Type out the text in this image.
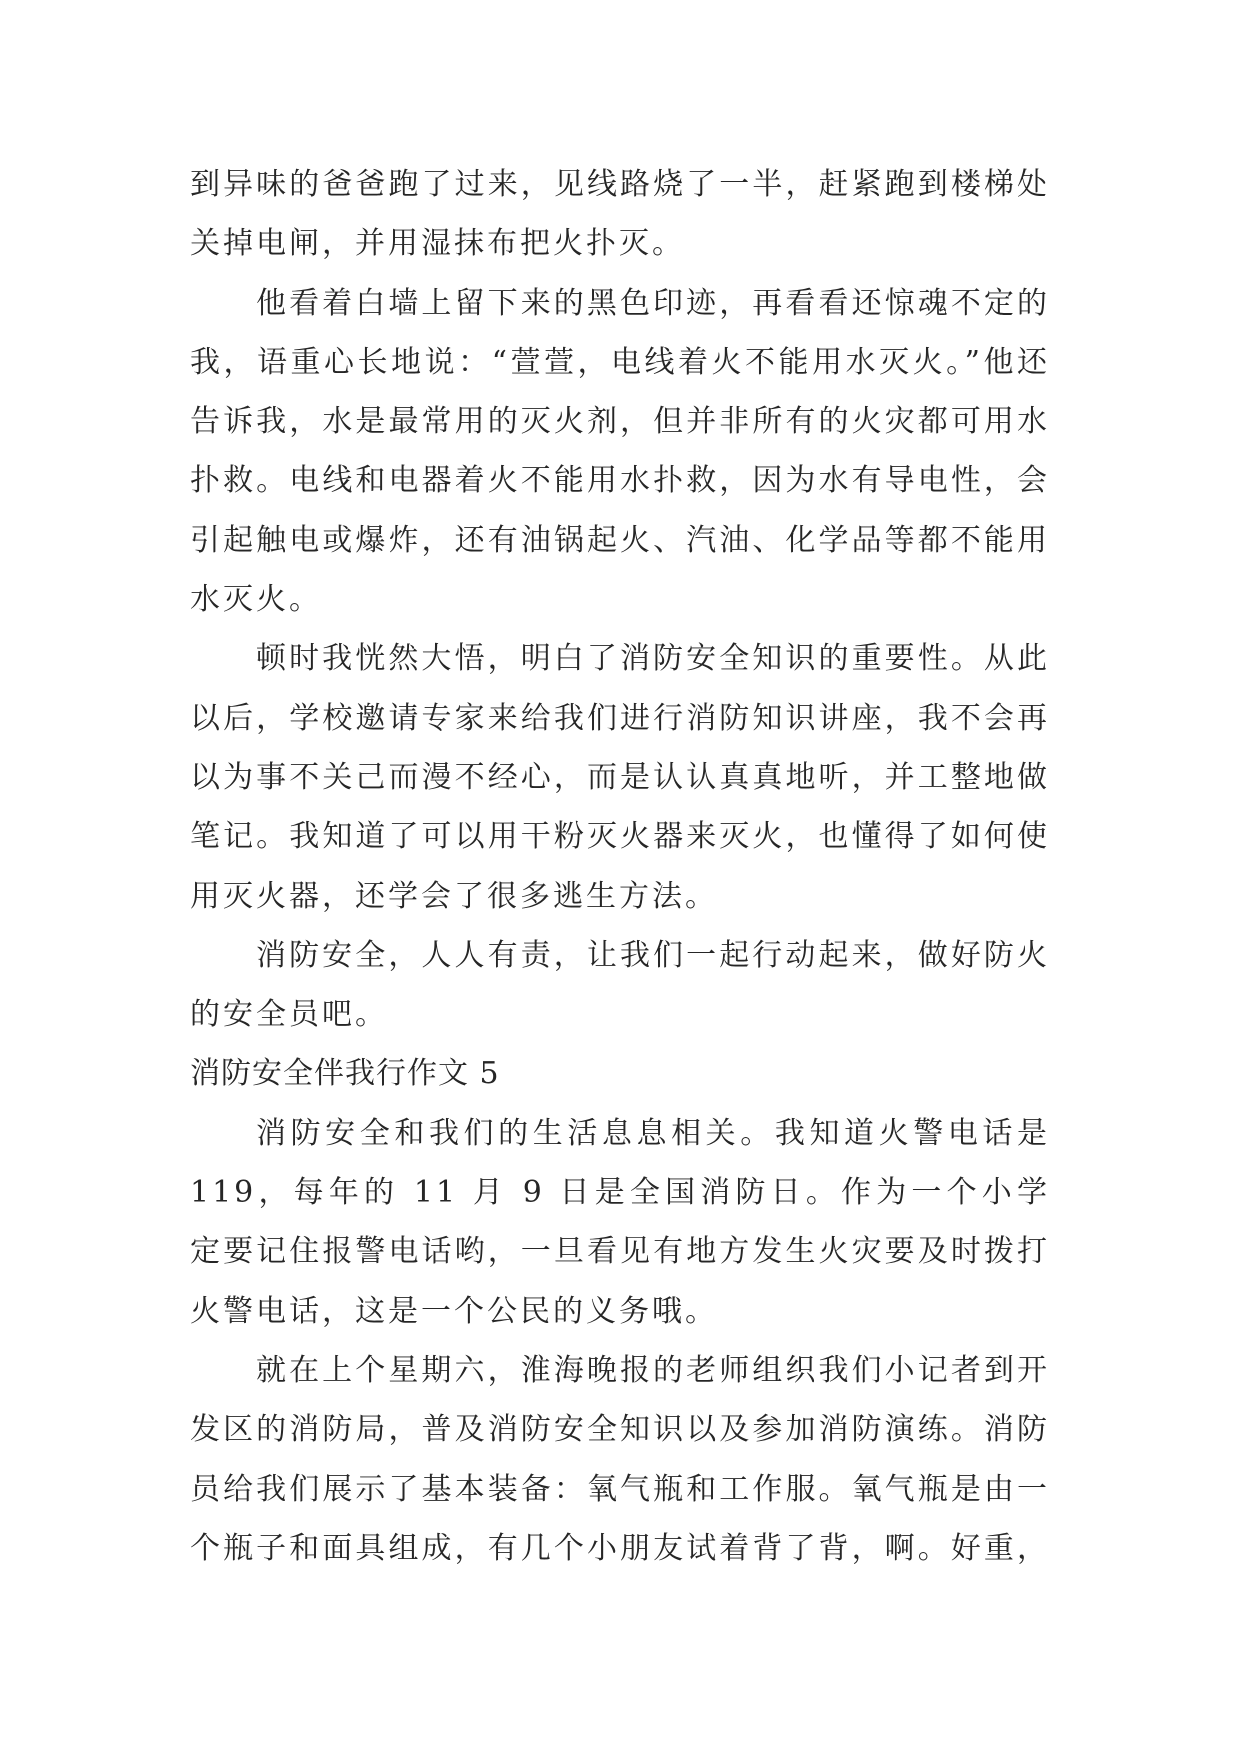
到异味的爸爸跑了过来，见线路烧了一半，赶紧跑到楼梯处
关掉电闸，并用湿抹布把火扑灭。
他看着白墙上留下来的黑色印迹，再看看还惊魂不定的
我，语重心长地说：“萱萱，电线着火不能用水灭火。”他还
告诉我，水是最常用的灭火剂，但并非所有的火灾都可用水
扑救。电线和电器着火不能用水扑救，因为水有导电性，会
引起触电或爆炸，还有油锅起火、汽油、化学品等都不能用
水灭火。
顿时我恍然大悟，明白了消防安全知识的重要性。从此
以后，学校邀请专家来给我们进行消防知识讲座，我不会再
以为事不关己而漫不经心，而是认认真真地听，并工整地做
笔记。我知道了可以用干粉灭火器来灭火，也懂得了如何使
用灭火器，还学会了很多逃生方法。
消防安全，人人有责，让我们一起行动起来，做好防火
的安全员吧。
消防安全伴我行作文 5
消防安全和我们的生活息息相关。我知道火警电话是
119，每年的 11 月 9 日是全国消防日。作为一个小学
定要记住报警电话哟，一旦看见有地方发生火灾要及时拨打
火警电话，这是一个公民的义务哦。
就在上个星期六，淮海晚报的老师组织我们小记者到开
发区的消防局，普及消防安全知识以及参加消防演练。消防
员给我们展示了基本装备：氧气瓶和工作服。氧气瓶是由一
个瓶子和面具组成，有几个小朋友试着背了背，啊。好重，
